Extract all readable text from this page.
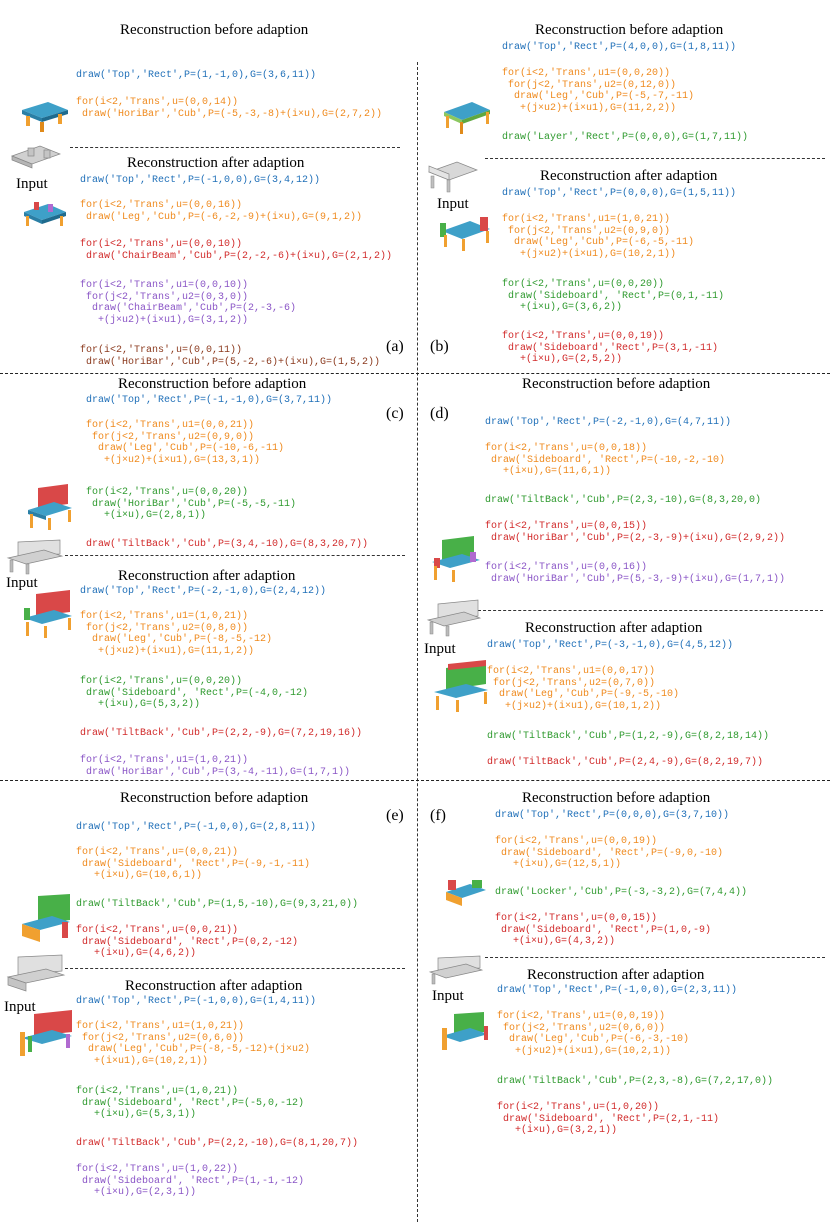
Reconstruction before adaption
Reconstruction after adaption
Reconstruction before adaption
Reconstruction after adaption
Reconstruction before adaption
Reconstruction after adaption
Reconstruction before adaption
Reconstruction after adaption
Reconstruction before adaption
Reconstruction after adaption
Reconstruction before adaption
Reconstruction after adaption
(a) (b)
(c) (d)
(e) (f)
Input
Input
Input
Input
Input
Input
draw('Top','Rect',P=(1,-1,0),G=(3,6,11))
for(i<2,'Trans',u=(0,0,14))
draw('HoriBar','Cub',P=(-5,-3,-8)+(i×u),G=(2,7,2))
draw('Top','Rect',P=(-1,0,0),G=(3,4,12))
for(i<2,'Trans',u=(0,0,16))
draw('Leg','Cub',P=(-6,-2,-9)+(i×u),G=(9,1,2))
for(i<2,'Trans',u=(0,0,10))
draw('ChairBeam','Cub',P=(2,-2,-6)+(i×u),G=(2,1,2))
for(i<2,'Trans',u1=(0,0,10))
for(j<2,'Trans',u2=(0,3,0))
draw('ChairBeam','Cub',P=(2,-3,-6)
+(j×u2)+(i×u1),G=(3,1,2))
for(i<2,'Trans',u=(0,0,11))
draw('HoriBar','Cub',P=(5,-2,-6)+(i×u),G=(1,5,2))
draw('Top','Rect',P=(4,0,0),G=(1,8,11))
for(i<2,'Trans',u1=(0,0,20))
for(j<2,'Trans',u2=(0,12,0))
draw('Leg','Cub',P=(-5,-7,-11)
+(j×u2)+(i×u1),G=(11,2,2))
draw('Layer','Rect',P=(0,0,0),G=(1,7,11))
draw('Top','Rect',P=(0,0,0),G=(1,5,11))
for(i<2,'Trans',u1=(1,0,21))
for(j<2,'Trans',u2=(0,9,0))
draw('Leg','Cub',P=(-6,-5,-11)
+(j×u2)+(i×u1),G=(10,2,1))
for(i<2,'Trans',u=(0,0,20))
draw('Sideboard', 'Rect',P=(0,1,-11)
+(i×u),G=(3,6,2))
for(i<2,'Trans',u=(0,0,19))
draw('Sideboard','Rect',P=(3,1,-11)
+(i×u),G=(2,5,2))
draw('Top','Rect',P=(-1,-1,0),G=(3,7,11))
for(i<2,'Trans',u1=(0,0,21))
for(j<2,'Trans',u2=(0,9,0))
draw('Leg','Cub',P=(-10,-6,-11)
+(j×u2)+(i×u1),G=(13,3,1))
for(i<2,'Trans',u=(0,0,20))
draw('HoriBar','Cub',P=(-5,-5,-11)
+(i×u),G=(2,8,1))
draw('TiltBack','Cub',P=(3,4,-10),G=(8,3,20,7))
draw('Top','Rect',P=(-2,-1,0),G=(2,4,12))
for(i<2,'Trans',u1=(1,0,21))
for(j<2,'Trans',u2=(0,8,0))
draw('Leg','Cub',P=(-8,-5,-12)
+(j×u2)+(i×u1),G=(11,1,2))
for(i<2,'Trans',u=(0,0,20))
draw('Sideboard', 'Rect',P=(-4,0,-12)
+(i×u),G=(5,3,2))
draw('TiltBack','Cub',P=(2,2,-9),G=(7,2,19,16))
for(i<2,'Trans',u1=(1,0,21))
draw('HoriBar','Cub',P=(3,-4,-11),G=(1,7,1))
draw('Top','Rect',P=(-2,-1,0),G=(4,7,11))
for(i<2,'Trans',u=(0,0,18))
draw('Sideboard', 'Rect',P=(-10,-2,-10)
+(i×u),G=(11,6,1))
draw('TiltBack','Cub',P=(2,3,-10),G=(8,3,20,0)
for(i<2,'Trans',u=(0,0,15))
draw('HoriBar','Cub',P=(2,-3,-9)+(i×u),G=(2,9,2))
for(i<2,'Trans',u=(0,0,16))
draw('HoriBar','Cub',P=(5,-3,-9)+(i×u),G=(1,7,1))
draw('Top','Rect',P=(-3,-1,0),G=(4,5,12))
for(i<2,'Trans',u1=(0,0,17))
for(j<2,'Trans',u2=(0,7,0))
draw('Leg','Cub',P=(-9,-5,-10)
+(j×u2)+(i×u1),G=(10,1,2))
draw('TiltBack','Cub',P=(1,2,-9),G=(8,2,18,14))
draw('TiltBack','Cub',P=(2,4,-9),G=(8,2,19,7))
draw('Top','Rect',P=(-1,0,0),G=(2,8,11))
for(i<2,'Trans',u=(0,0,21))
draw('Sideboard', 'Rect',P=(-9,-1,-11)
+(i×u),G=(10,6,1))
draw('TiltBack','Cub',P=(1,5,-10),G=(9,3,21,0))
for(i<2,'Trans',u=(0,0,21))
draw('Sideboard', 'Rect',P=(0,2,-12)
+(i×u),G=(4,6,2))
draw('Top','Rect',P=(-1,0,0),G=(1,4,11))
for(i<2,'Trans',u1=(1,0,21))
for(j<2,'Trans',u2=(0,6,0))
draw('Leg','Cub',P=(-8,-5,-12)+(j×u2)
+(i×u1),G=(10,2,1))
for(i<2,'Trans',u=(1,0,21))
draw('Sideboard', 'Rect',P=(-5,0,-12)
+(i×u),G=(5,3,1))
draw('TiltBack','Cub',P=(2,2,-10),G=(8,1,20,7))
for(i<2,'Trans',u=(1,0,22))
draw('Sideboard', 'Rect',P=(1,-1,-12)
+(i×u),G=(2,3,1))
draw('Top','Rect',P=(0,0,0),G=(3,7,10))
for(i<2,'Trans',u=(0,0,19))
draw('Sideboard', 'Rect',P=(-9,0,-10)
+(i×u),G=(12,5,1))
draw('Locker','Cub',P=(-3,-3,2),G=(7,4,4))
for(i<2,'Trans',u=(0,0,15))
draw('Sideboard', 'Rect',P=(1,0,-9)
+(i×u),G=(4,3,2))
draw('Top','Rect',P=(-1,0,0),G=(2,3,11))
for(i<2,'Trans',u1=(0,0,19))
for(j<2,'Trans',u2=(0,6,0))
draw('Leg','Cub',P=(-6,-3,-10)
+(j×u2)+(i×u1),G=(10,2,1))
draw('TiltBack','Cub',P=(2,3,-8),G=(7,2,17,0))
for(i<2,'Trans',u=(1,0,20))
draw('Sideboard', 'Rect',P=(2,1,-11)
+(i×u),G=(3,2,1))
